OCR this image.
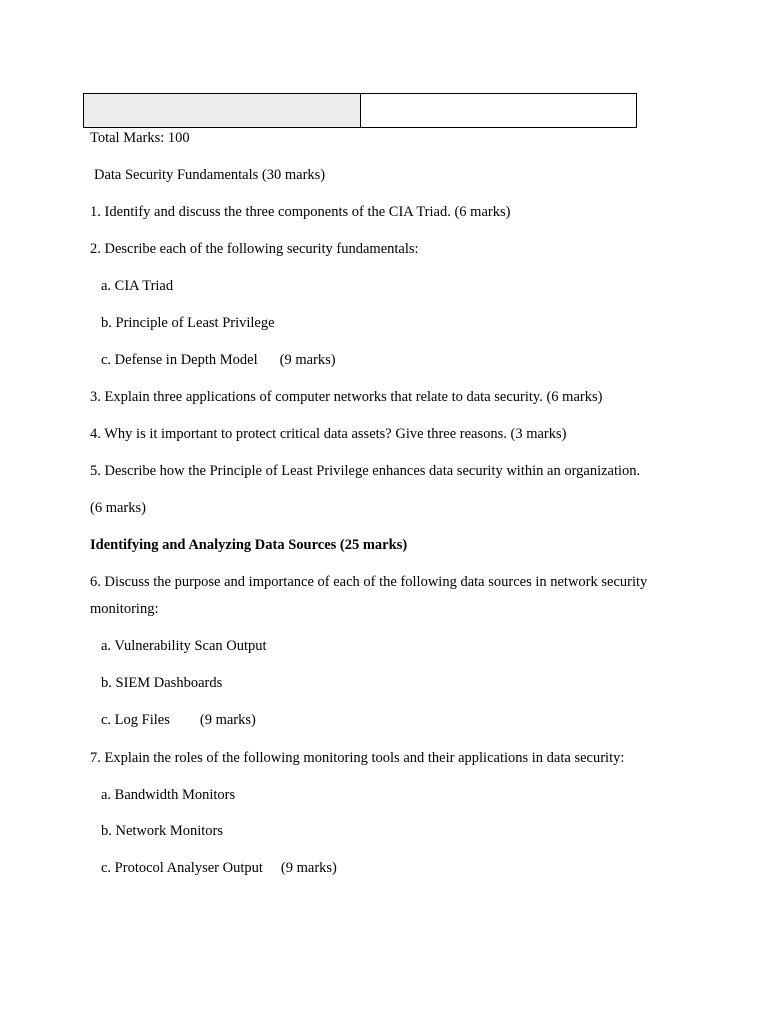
Total Marks: 100
Data Security Fundamentals (30 marks)
1. Identify and discuss the three components of the CIA Triad. (6 marks)
2. Describe each of the following security fundamentals:
a. CIA Triad
b. Principle of Least Privilege
c. Defense in Depth Model (9 marks)
3. Explain three applications of computer networks that relate to data security. (6 marks)
4. Why is it important to protect critical data assets? Give three reasons. (3 marks)
5. Describe how the Principle of Least Privilege enhances data security within an organization.
(6 marks)
Identifying and Analyzing Data Sources (25 marks)
6. Discuss the purpose and importance of each of the following data sources in network security
monitoring:
a. Vulnerability Scan Output
b. SIEM Dashboards
c. Log Files (9 marks)
7. Explain the roles of the following monitoring tools and their applications in data security:
a. Bandwidth Monitors
b. Network Monitors
c. Protocol Analyser Output (9 marks)
